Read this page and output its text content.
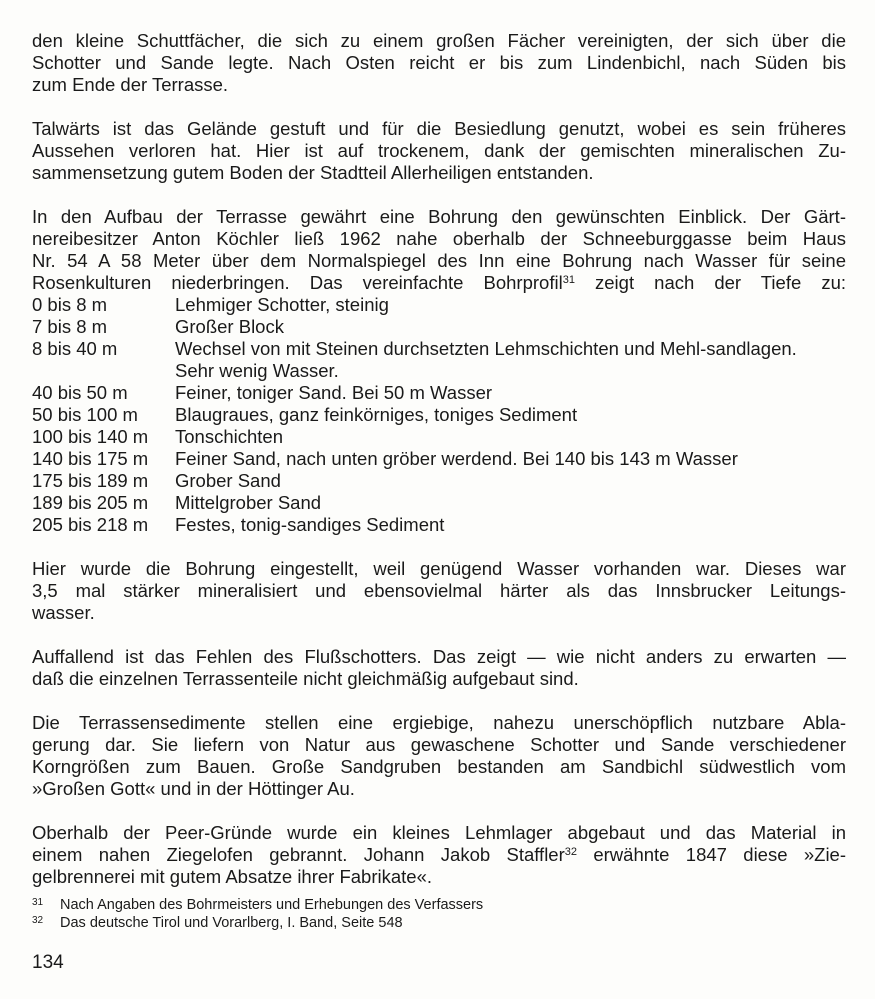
den kleine Schuttfächer, die sich zu einem großen Fächer vereinigten, der sich über die
Schotter und Sande legte. Nach Osten reicht er bis zum Lindenbichl, nach Süden bis
zum Ende der Terrasse.

Talwärts ist das Gelände gestuft und für die Besiedlung genutzt, wobei es sein früheres
Aussehen verloren hat. Hier ist auf trockenem, dank der gemischten mineralischen Zu-
sammensetzung gutem Boden der Stadtteil Allerheiligen entstanden.

In den Aufbau der Terrasse gewährt eine Bohrung den gewünschten Einblick. Der Gärt-
nereibesitzer Anton Köchler ließ 1962 nahe oberhalb der Schneeburggasse beim Haus
Nr. 54 A 58 Meter über dem Normalspiegel des Inn eine Bohrung nach Wasser für seine
Rosenkulturen niederbringen. Das vereinfachte Bohrprofil$^{31}$ zeigt nach der Tiefe zu:

0 bis 8 m	Lehmiger Schotter, steinig
7 bis 8 m	Großer Block
8 bis 40 m	Wechsel von mit Steinen durchsetzten Lehmschichten und Mehl-sandlagen. Sehr wenig Wasser.
40 bis 50 m	Feiner, toniger Sand. Bei 50 m Wasser
50 bis 100 m	Blaugraues, ganz feinkörniges, toniges Sediment
100 bis 140 m	Tonschichten
140 bis 175 m	Feiner Sand, nach unten gröber werdend. Bei 140 bis 143 m Wasser
175 bis 189 m	Grober Sand
189 bis 205 m	Mittelgrober Sand
205 bis 218 m	Festes, tonig-sandiges Sediment

Hier wurde die Bohrung eingestellt, weil genügend Wasser vorhanden war. Dieses war
3,5 mal stärker mineralisiert und ebensovielmal härter als das Innsbrucker Leitungs-
wasser.

Auffallend ist das Fehlen des Flußschotters. Das zeigt — wie nicht anders zu erwarten —
daß die einzelnen Terrassenteile nicht gleichmäßig aufgebaut sind.

Die Terrassensedimente stellen eine ergiebige, nahezu unerschöpflich nutzbare Abla-
gerung dar. Sie liefern von Natur aus gewaschene Schotter und Sande verschiedener
Korngrößen zum Bauen. Große Sandgruben bestanden am Sandbichl südwestlich vom
»Großen Gott« und in der Höttinger Au.

Oberhalb der Peer-Gründe wurde ein kleines Lehmlager abgebaut und das Material in
einem nahen Ziegelofen gebrannt. Johann Jakob Staffler$^{32}$ erwähnte 1847 diese »Zie-
gelbrennerei mit gutem Absatze ihrer Fabrikate«.

31	Nach Angaben des Bohrmeisters und Erhebungen des Verfassers
32	Das deutsche Tirol und Vorarlberg, I. Band, Seite 548
134
